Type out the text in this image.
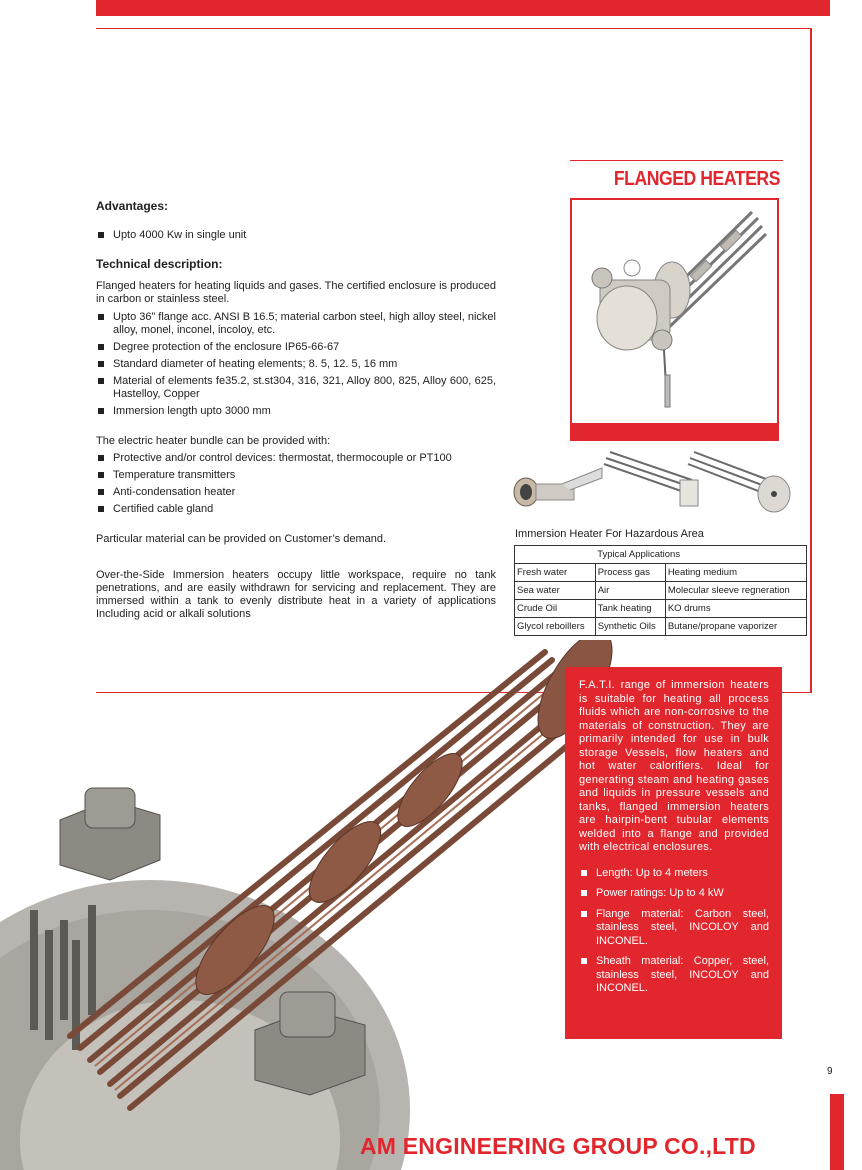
9
FLANGED HEATERS
Advantages:
Upto 4000 Kw in single unit
Technical description:
Flanged heaters for heating liquids and gases. The certified enclosure is produced in carbon or stainless steel.
Upto 36” flange acc. ANSI B 16.5; material carbon steel, high alloy steel, nickel alloy, monel, inconel, incoloy, etc.
Degree protection of the enclosure IP65-66-67
Standard diameter of heating elements; 8. 5, 12. 5, 16 mm
Material of elements fe35.2, st.st304, 316, 321, Alloy 800, 825, Alloy 600, 625, Hastelloy, Copper
Immersion length upto 3000 mm
The electric heater bundle can be provided with:
Protective and/or control devices: thermostat, thermocouple or PT100
Temperature transmitters
Anti-condensation heater
Certified cable gland
Particular material can be provided on Customer’s demand.
Over-the-Side Immersion heaters occupy little workspace, require no tank penetrations, and are easily withdrawn for servicing and replacement. They are immersed within a tank to evenly distribute heat in a variety of applications Including acid or alkali solutions
Immersion Heater For Hazardous Area
	Typical Applications	
Fresh water	Process gas	Heating medium
Sea water	Air	Molecular sleeve regneration
Crude Oil	Tank heating	KO drums
Glycol reboillers	Synthetic Oils	Butane/propane vaporizer

F.A.T.I. range of immersion heaters is suitable for heating all process fluids which are non-corrosive to the materials of construction. They are primarily intended for use in bulk storage Vessels, flow heaters and hot water calorifiers. Ideal for generating steam and heating gases and liquids in pressure vessels and tanks, flanged immersion heaters are hairpin-bent tubular elements welded into a flange and provided with electrical enclosures.

Length: Up to 4 meters
Power ratings: Up to 4 kW
Flange material: Carbon steel, stainless steel, INCOLOY and INCONEL.
Sheath material: Copper, steel, stainless steel, INCOLOY and INCONEL.
AM ENGINEERING GROUP CO.,LTD
